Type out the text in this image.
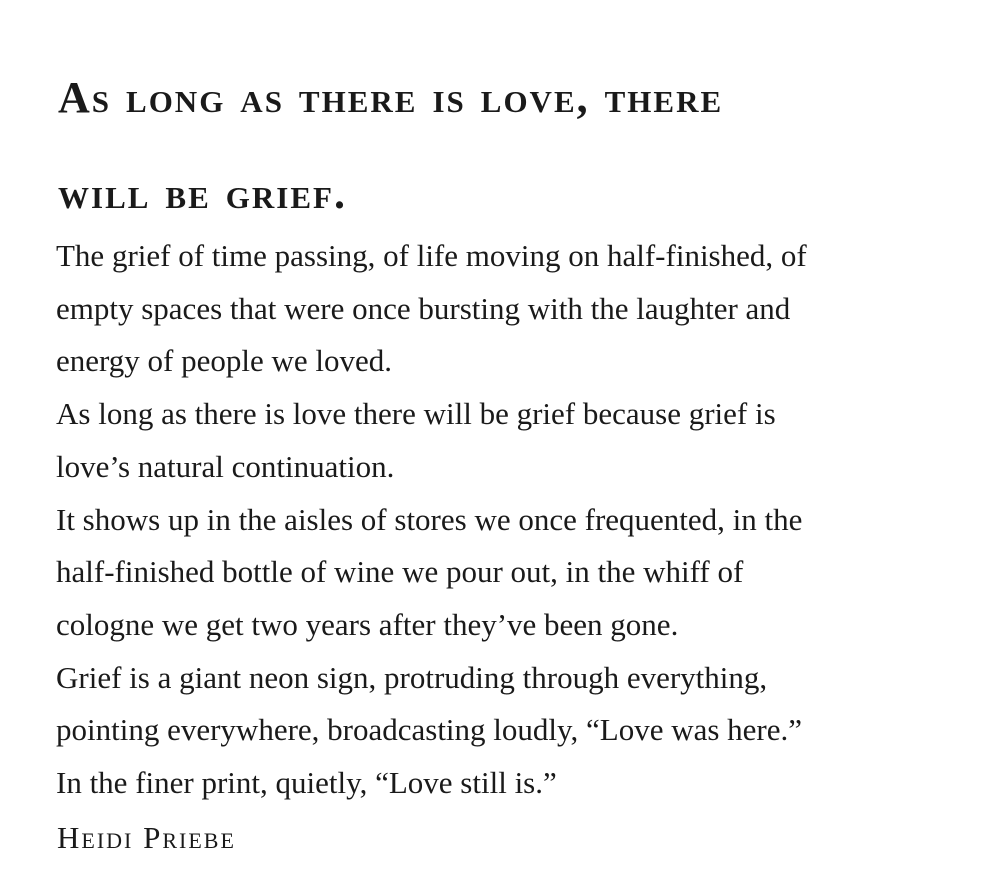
As long as there is love, there
will be grief.
The grief of time passing, of life moving on half-finished, of
empty spaces that were once bursting with the laughter and
energy of people we loved.
As long as there is love there will be grief because grief is
love’s natural continuation.
It shows up in the aisles of stores we once frequented, in the
half-finished bottle of wine we pour out, in the whiff of
cologne we get two years after they’ve been gone.
Grief is a giant neon sign, protruding through everything,
pointing everywhere, broadcasting loudly, “Love was here.”
In the finer print, quietly, “Love still is.”

Heidi Priebe
